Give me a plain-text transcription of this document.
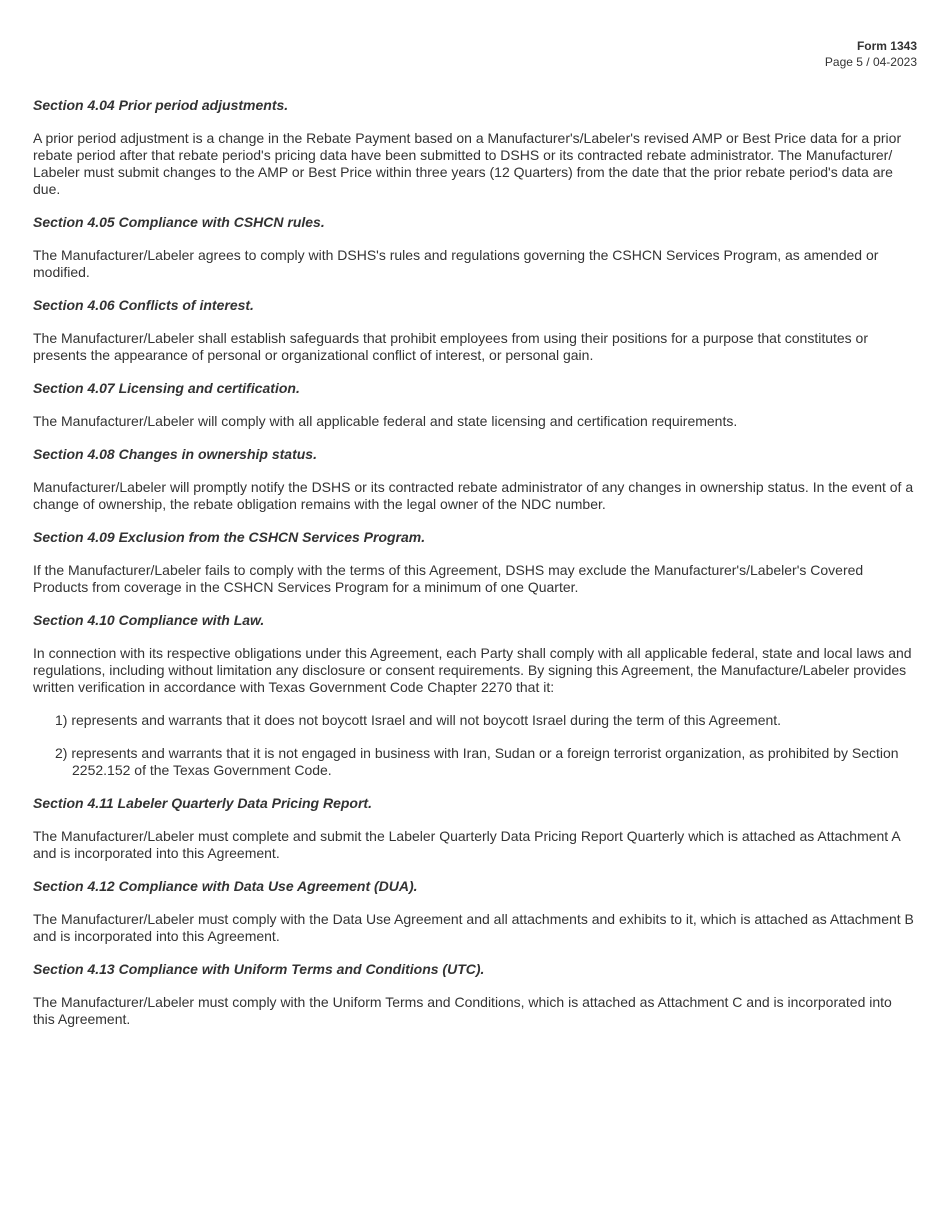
Form 1343
Page 5 / 04-2023
Section 4.04 Prior period adjustments.
A prior period adjustment is a change in the Rebate Payment based on a Manufacturer's/Labeler's revised AMP or Best Price data for a prior rebate period after that rebate period's pricing data have been submitted to DSHS or its contracted rebate administrator. The Manufacturer/ Labeler must submit changes to the AMP or Best Price within three years (12 Quarters) from the date that the prior rebate period's data are due.
Section 4.05 Compliance with CSHCN rules.
The Manufacturer/Labeler agrees to comply with DSHS's rules and regulations governing the CSHCN Services Program, as amended or modified.
Section 4.06 Conflicts of interest.
The Manufacturer/Labeler shall establish safeguards that prohibit employees from using their positions for a purpose that constitutes or presents the appearance of personal or organizational conflict of interest, or personal gain.
Section 4.07 Licensing and certification.
The Manufacturer/Labeler will comply with all applicable federal and state licensing and certification requirements.
Section 4.08 Changes in ownership status.
Manufacturer/Labeler will promptly notify the DSHS or its contracted rebate administrator of any changes in ownership status. In the event of a change of ownership, the rebate obligation remains with the legal owner of the NDC number.
Section 4.09 Exclusion from the CSHCN Services Program.
If the Manufacturer/Labeler fails to comply with the terms of this Agreement, DSHS may exclude the Manufacturer's/Labeler's Covered Products from coverage in the CSHCN Services Program for a minimum of one Quarter.
Section 4.10 Compliance with Law.
In connection with its respective obligations under this Agreement, each Party shall comply with all applicable federal, state and local laws and regulations, including without limitation any disclosure or consent requirements. By signing this Agreement, the Manufacture/Labeler provides written verification in accordance with Texas Government Code Chapter 2270 that it:
1) represents and warrants that it does not boycott Israel and will not boycott Israel during the term of this Agreement.
2) represents and warrants that it is not engaged in business with Iran, Sudan or a foreign terrorist organization, as prohibited by Section 2252.152 of the Texas Government Code.
Section 4.11 Labeler Quarterly Data Pricing Report.
The Manufacturer/Labeler must complete and submit the Labeler Quarterly Data Pricing Report Quarterly which is attached as Attachment A and is incorporated into this Agreement.
Section 4.12 Compliance with Data Use Agreement (DUA).
The Manufacturer/Labeler must comply with the Data Use Agreement and all attachments and exhibits to it, which is attached as Attachment B and is incorporated into this Agreement.
Section 4.13 Compliance with Uniform Terms and Conditions (UTC).
The Manufacturer/Labeler must comply with the Uniform Terms and Conditions, which is attached as Attachment C and is incorporated into this Agreement.
